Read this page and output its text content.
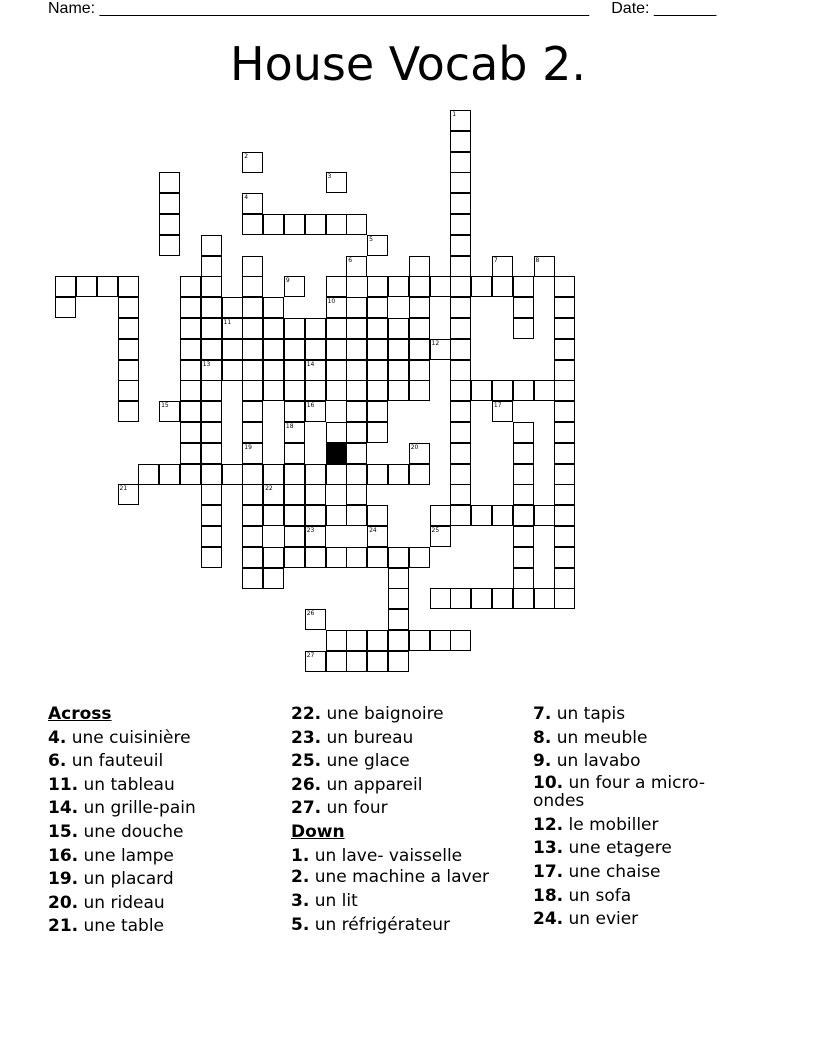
Name: _______________________________________________________ Date: _______
House Vocab 2.
19
10
18
13
11
14
23
1
2
3
4
5
6	7	8
9
12
15	16	17
20
21	22
24	25
26
27
Across
4. une cuisinière
6. un fauteuil
11. un tableau
14. un grille-pain
15. une douche
16. une lampe
19. un placard
20. un rideau
21. une table
22. une baignoire
23. un bureau
25. une glace
26. un appareil
27. un four
Down
1. un lave- vaisselle
2. une machine a laver
3. un lit
5. un réfrigérateur
7. un tapis
8. un meuble
9. un lavabo
10. un four a micro-ondes
12. le mobiller
13. une etagere
17. une chaise
18. un sofa
24. un evier
